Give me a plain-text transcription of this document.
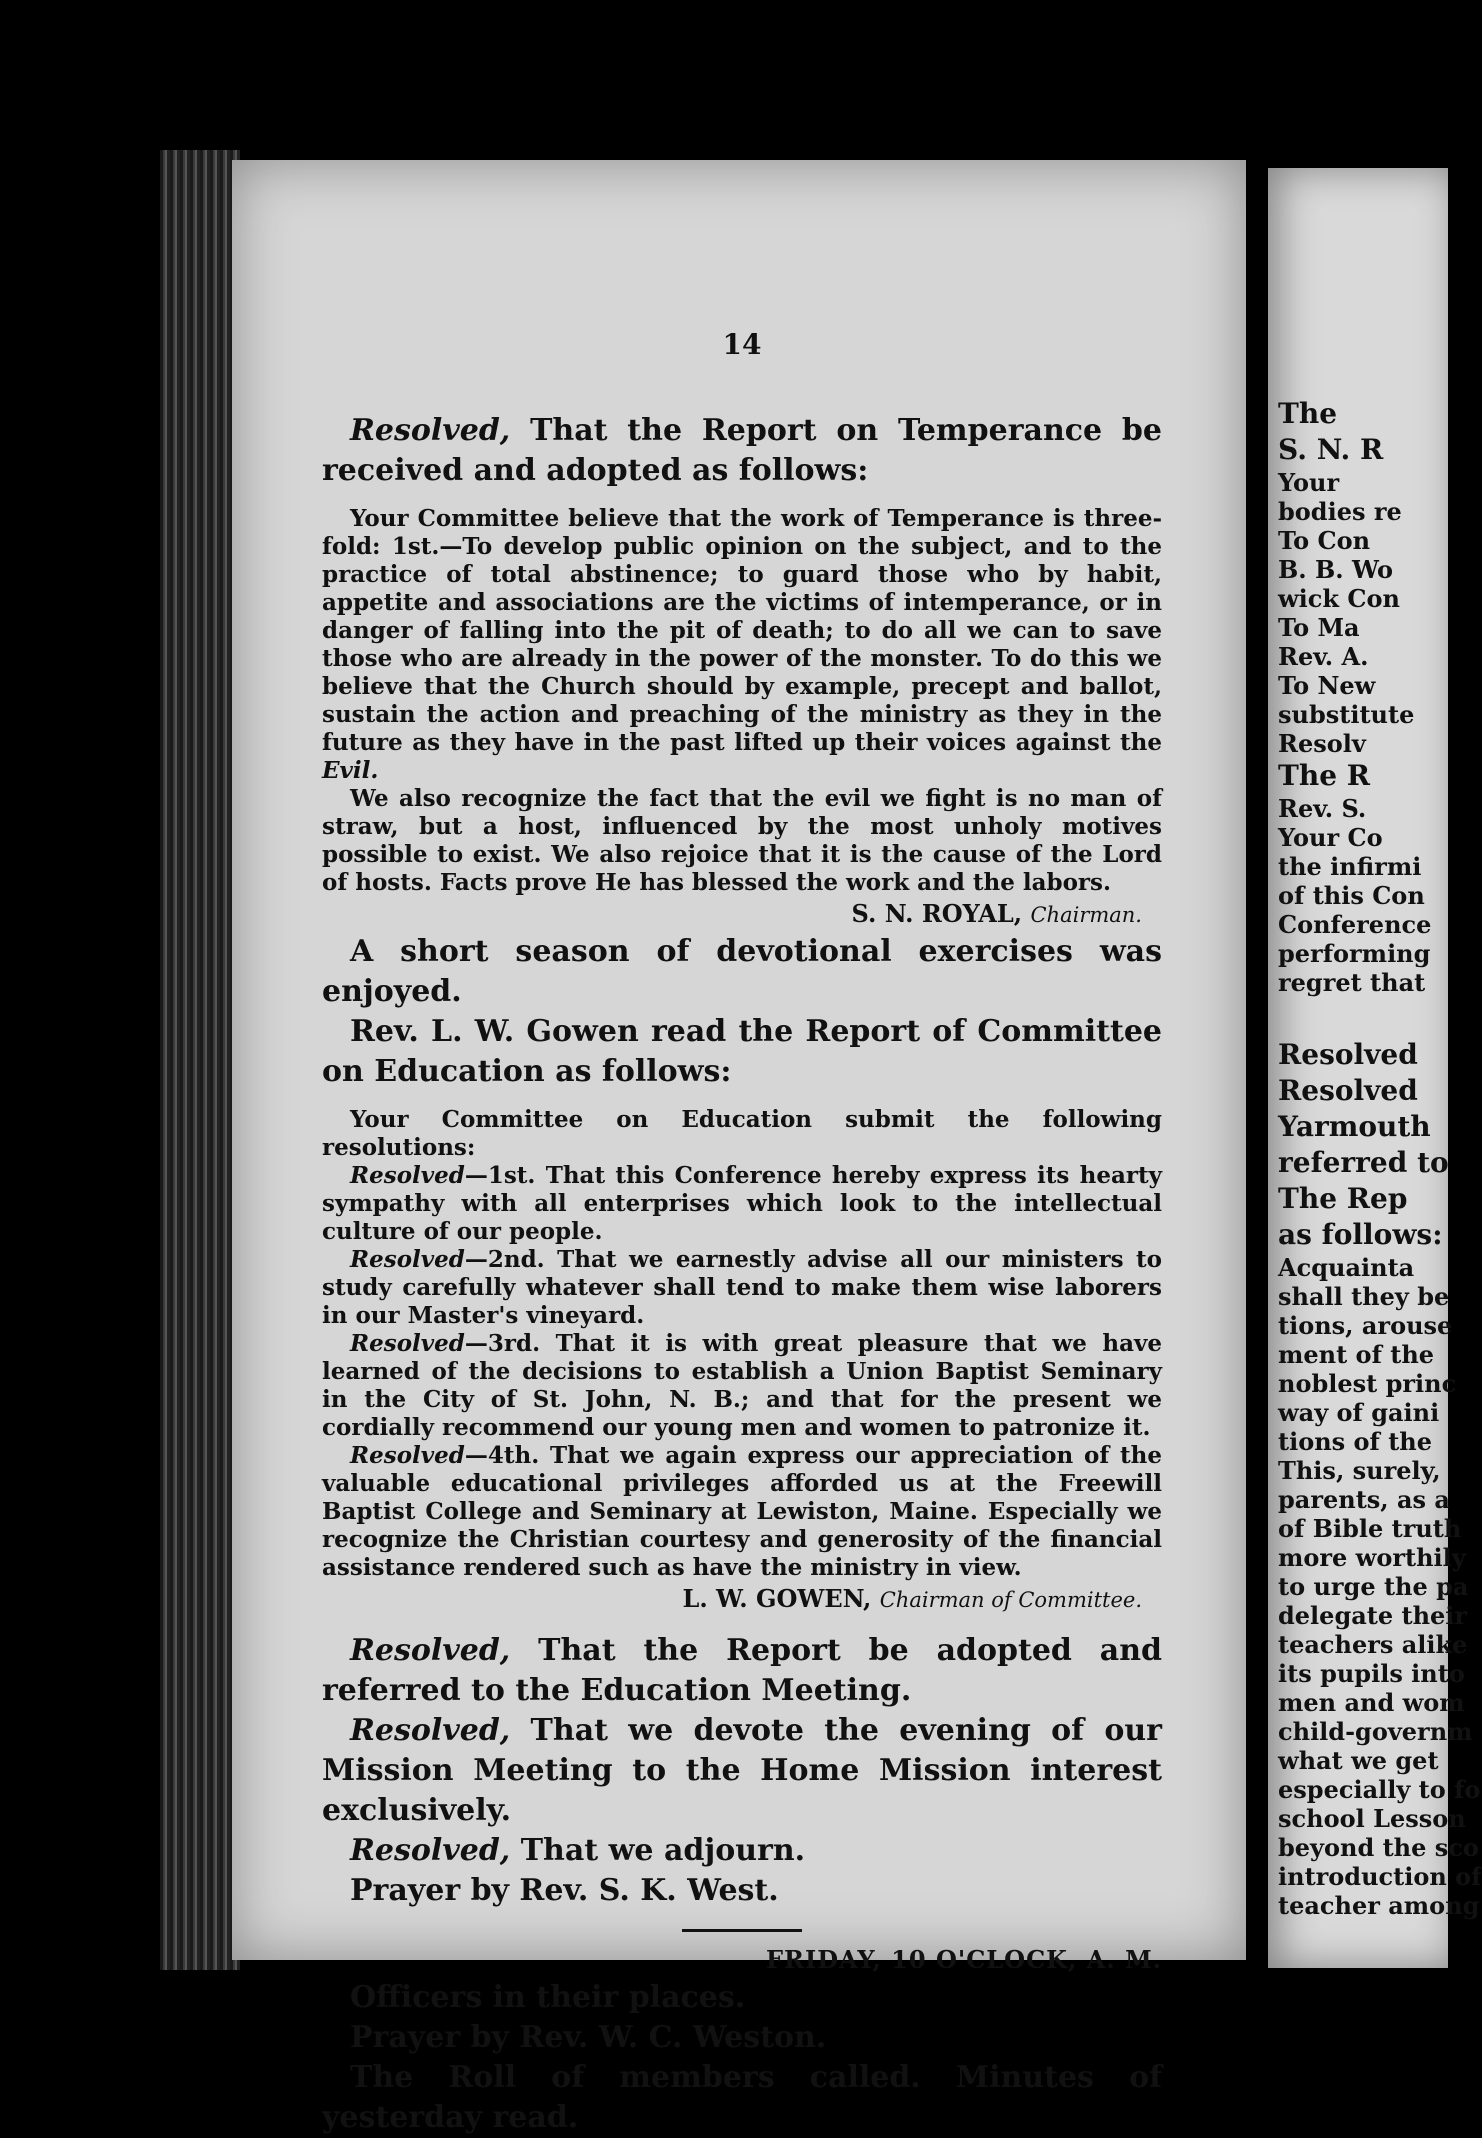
14

Resolved, That the Report on Temperance be received and adopted as follows:

Your Committee believe that the work of Temperance is three-fold: 1st.—To develop public opinion on the subject, and to the practice of total abstinence; to guard those who by habit, appetite and associations are the victims of intemperance, or in danger of falling into the pit of death; to do all we can to save those who are already in the power of the monster. To do this we believe that the Church should by example, precept and ballot, sustain the action and preaching of the ministry as they in the future as they have in the past lifted up their voices against the Evil.

We also recognize the fact that the evil we fight is no man of straw, but a host, influenced by the most unholy motives possible to exist. We also rejoice that it is the cause of the Lord of hosts. Facts prove He has blessed the work and the labors.

S. N. ROYAL, Chairman.

A short season of devotional exercises was enjoyed.

Rev. L. W. Gowen read the Report of Committee on Education as follows:

Your Committee on Education submit the following resolutions:

Resolved—1st. That this Conference hereby express its hearty sympathy with all enterprises which look to the intellectual culture of our people.

Resolved—2nd. That we earnestly advise all our ministers to study carefully whatever shall tend to make them wise laborers in our Master's vineyard.

Resolved—3rd. That it is with great pleasure that we have learned of the decisions to establish a Union Baptist Seminary in the City of St. John, N. B.; and that for the present we cordially recommend our young men and women to patronize it.

Resolved—4th. That we again express our appreciation of the valuable educational privileges afforded us at the Freewill Baptist College and Seminary at Lewiston, Maine. Especially we recognize the Christian courtesy and generosity of the financial assistance rendered such as have the ministry in view.

L. W. GOWEN, Chairman of Committee.

Resolved, That the Report be adopted and referred to the Education Meeting.

Resolved, That we devote the evening of our Mission Meeting to the Home Mission interest exclusively.

Resolved, That we adjourn.

Prayer by Rev. S. K. West.

FRIDAY, 10 O'CLOCK, A. M.

Officers in their places.

Prayer by Rev. W. C. Weston.

The Roll of members called. Minutes of yesterday read.

The
S. N. R
Your
bodies re
To Con
B. B. Wo
wick Con
To Ma
Rev. A.
To New
substitute
Resolv
The R
Rev. S.
Your Co
the infirmi
of this Con
Conference
performing
regret that
Resolved
Resolved
Yarmouth
referred to
The Rep
as follows:
Acquainta
shall they be
tions, arouse
ment of the
noblest princ
way of gaini
tions of the
This, surely,
parents, as a
of Bible truth
more worthily
to urge the pa
delegate their
teachers alike
its pupils into
men and wom
child-governm
what we get
especially to fo
school Lesson
beyond the sco
introduction of
teacher among
